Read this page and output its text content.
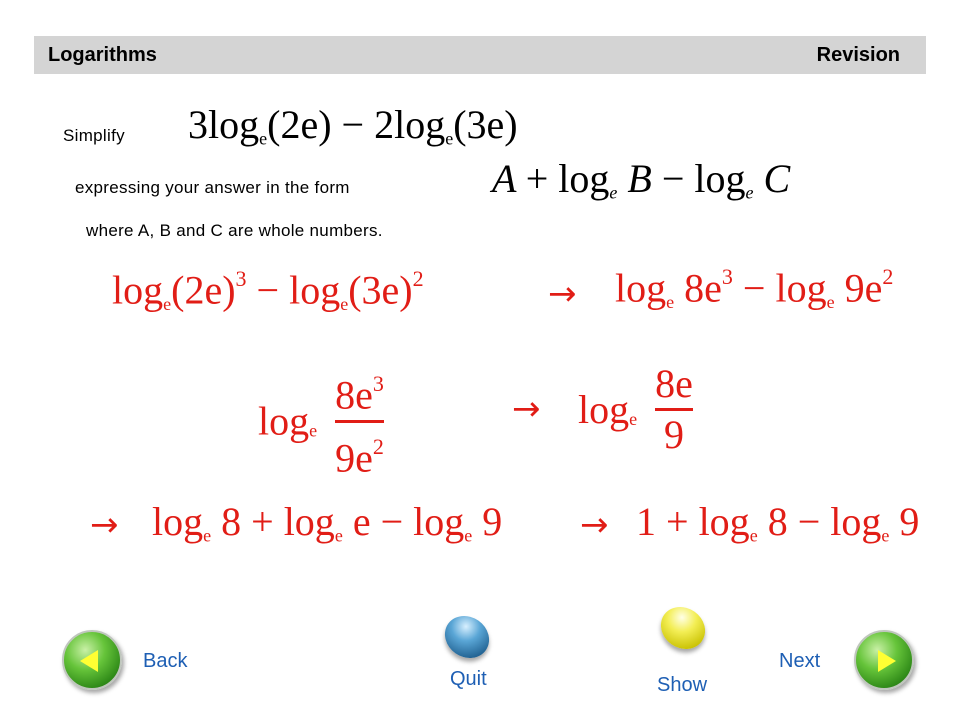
Logarithms	Revision
Simplify $3\log_e(2e) - 2\log_e(3e)$
expressing your answer in the form	$A + \log_e B - \log_e C$
where A, B and C are whole numbers.
$\log_e(2e)^3 - \log_e(3e)^2$	→ $\log_e 8e^3 - \log_e 9e^2$
$\log_e \frac{8e^3}{9e^2}$	→ $\log_e \frac{8e}{9}$
→ $\log_e 8 + \log_e e - \log_e 9 \to 1 + \log_e 8 - \log_e 9$
Back
Quit	Show
Next
